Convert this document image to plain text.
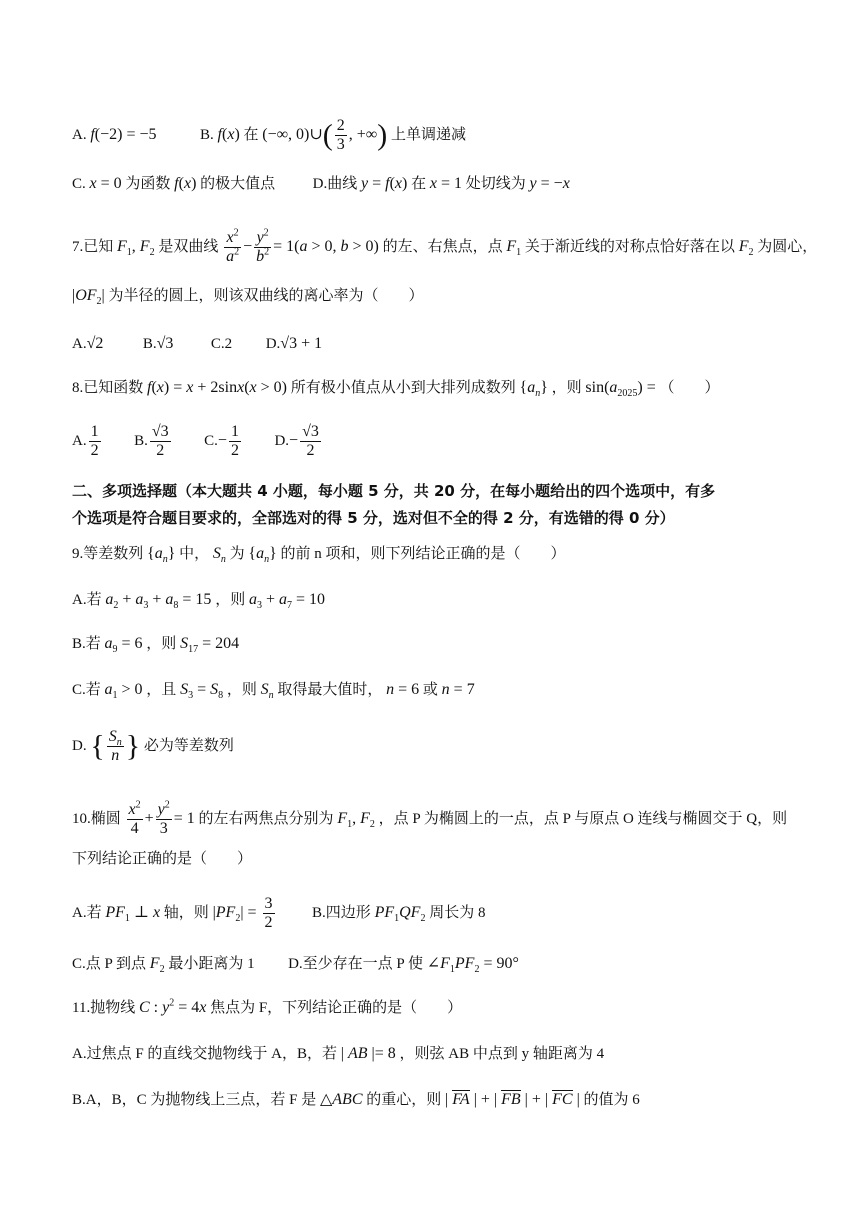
A. f(−2) = −5	B. f(x) 在 (−∞, 0)∪( $\frac{2}{3}$ , +∞) 上单调递减
C. x = 0 为函数 f(x) 的极大值点	D.曲线 y = f(x) 在 x = 1 处切线为 y = −x
7.已知 $F_1$, $F_2$ 是双曲线 $\frac{x^2}{a^2} - \frac{y^2}{b^2} = 1(a > 0$, b > 0) 的左、右焦点，点 $F_1$ 关于渐近线的对称点恰好落在以 $F_2$ 为圆心，
$|OF_2|$ 为半径的圆上，则该双曲线的离心率为（　　）
A.√2	B.√3	C.2 D.√3 + 1
8.已知函数 f(x) = x + 2sinx(x > 0) 所有极小值点从小到大排列成数列 $\{a_n\}$ ，则 $\sin(a_{2025})$ = （　　）
A. $\frac{1}{2} B$. $\frac{√3}{2} C.- \frac{1}{2} D.- \frac{√3}{2}$
二、多项选择题（本大题共 4 小题，每小题 5 分，共 20 分，在每小题给出的四个选项中，有多
个选项是符合题目要求的，全部选对的得 5 分，选对但不全的得 2 分，有选错的得 0 分）
9.等差数列 $\{a_n\}$ 中， $S_n$ 为 $\{a_n\}$ 的前 n 项和，则下列结论正确的是（　　）
A.若 $a_2 + a_3 + a_8 = 15$ ，则 $a_3 + a_7 = 10$
B.若 $a_9 = 6$ ，则 $S_{17} = 204$
C.若 $a_1 > 0$ ，且 $S_3 = S_8$ ，则 $S_n$ 取得最大值时， n = 6 或 n = 7
D. { $\frac{S_n}{n}$ } 必为等差数列
10.椭圆 $\frac{x^2}{4} + \frac{y^2}{3} = 1$ 的左右两焦点分别为 $F_1$, $F_2$ ，点 P 为椭圆上的一点，点 P 与原点 O 连线与椭圆交于 Q，则
下列结论正确的是（　　）
A.若 $PF_1$ ⊥ x 轴，则 $|PF_2| = \frac{3}{2}$	B.四边形 $PF_1QF_2$ 周长为 8
C.点 P 到点 $F_2$ 最小距离为 1 D.至少存在一点 P 使 $\angle F_1PF_2 = 90^\circ$
11.抛物线 C : $y^2 = 4x$ 焦点为 F，下列结论正确的是（　　）
A.过焦点 F 的直线交抛物线于 A，B，若 | AB |= 8 ，则弦 AB 中点到 y 轴距离为 4
B.A，B，C 为抛物线上三点，若 F 是 △ABC 的重心，则 | FA | + | FB | + | FC | 的值为 6
